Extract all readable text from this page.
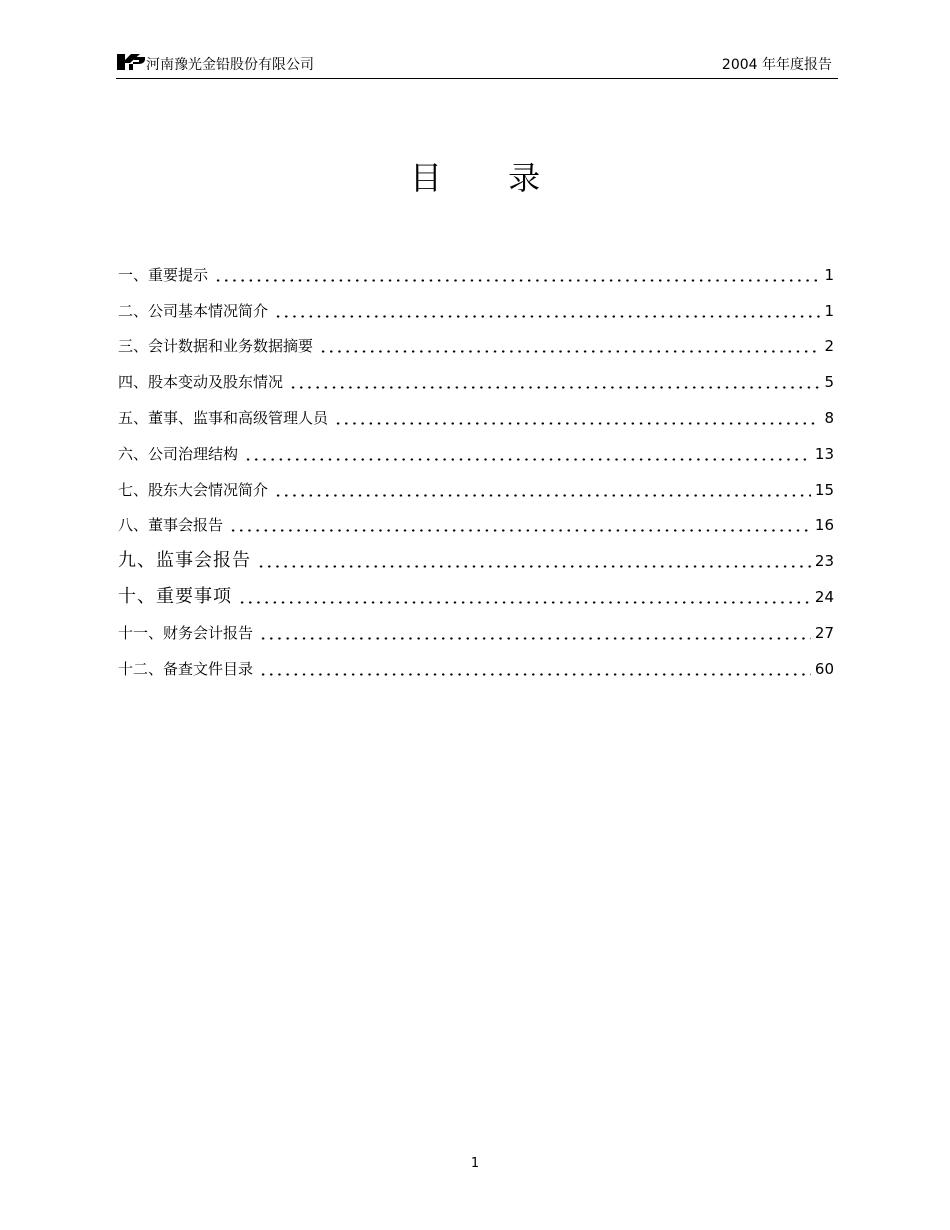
河南豫光金铅股份有限公司	2004 年年度报告
目 录
一、重要提示	1
二、公司基本情况简介	1
三、会计数据和业务数据摘要	2
四、股本变动及股东情况	5
五、董事、监事和高级管理人员	8
六、公司治理结构	13
七、股东大会情况简介	15
八、董事会报告	16
九、监事会报告	23
十、重要事项	24
十一、财务会计报告	27
十二、备查文件目录	60
1
